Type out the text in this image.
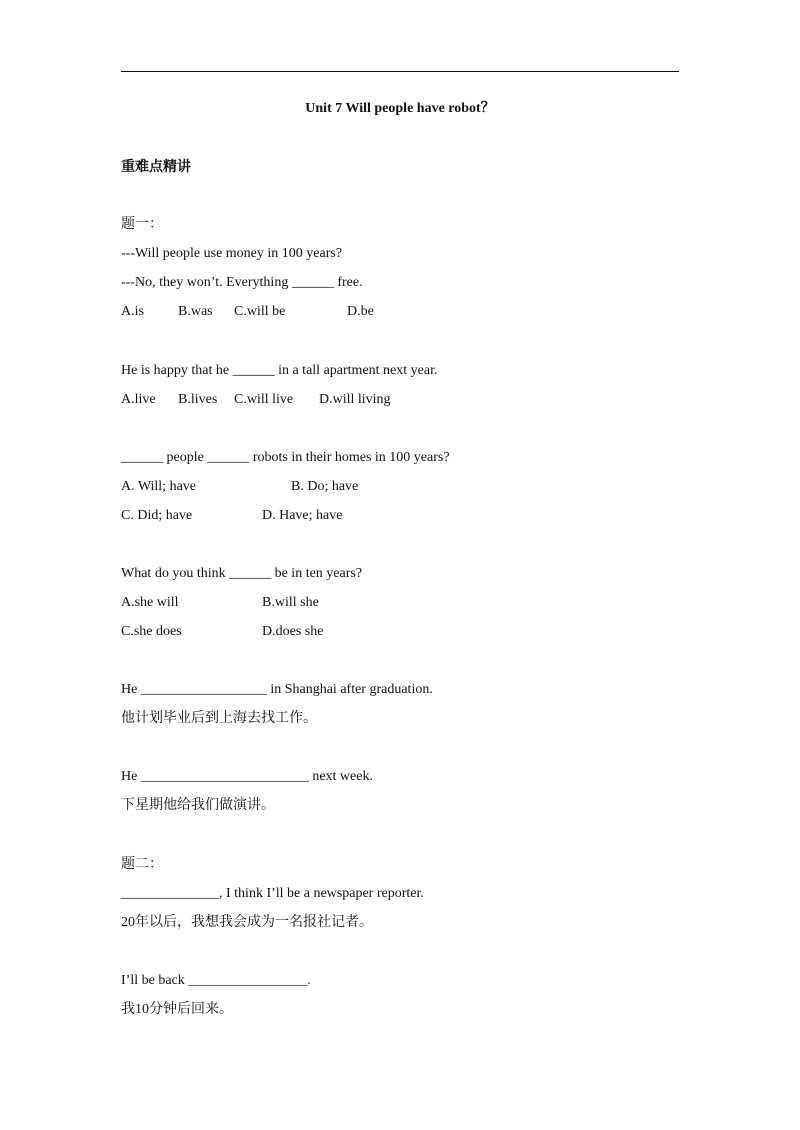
Unit 7 Will people have robot？
重难点精讲
题一：
---Will people use money in 100 years?
---No, they won’t. Everything ______ free.
A.is B.was C.will be	D.be
He is happy that he ______ in a tall apartment next year.
A.live B.lives C.will live D.will living
______ people ______ robots in their homes in 100 years?
A. Will; have	B. Do; have
C. Did; have	D. Have; have
What do you think ______ be in ten years?
A.she will	B.will she
C.she does	D.does she
He __________________ in Shanghai after graduation.
他计划毕业后到上海去找工作。
He ________________________ next week.
下星期他给我们做演讲。
题二：
______________, I think I’ll be a newspaper reporter.
20年以后，我想我会成为一名报社记者。
I’ll be back _________________.
我10分钟后回来。
